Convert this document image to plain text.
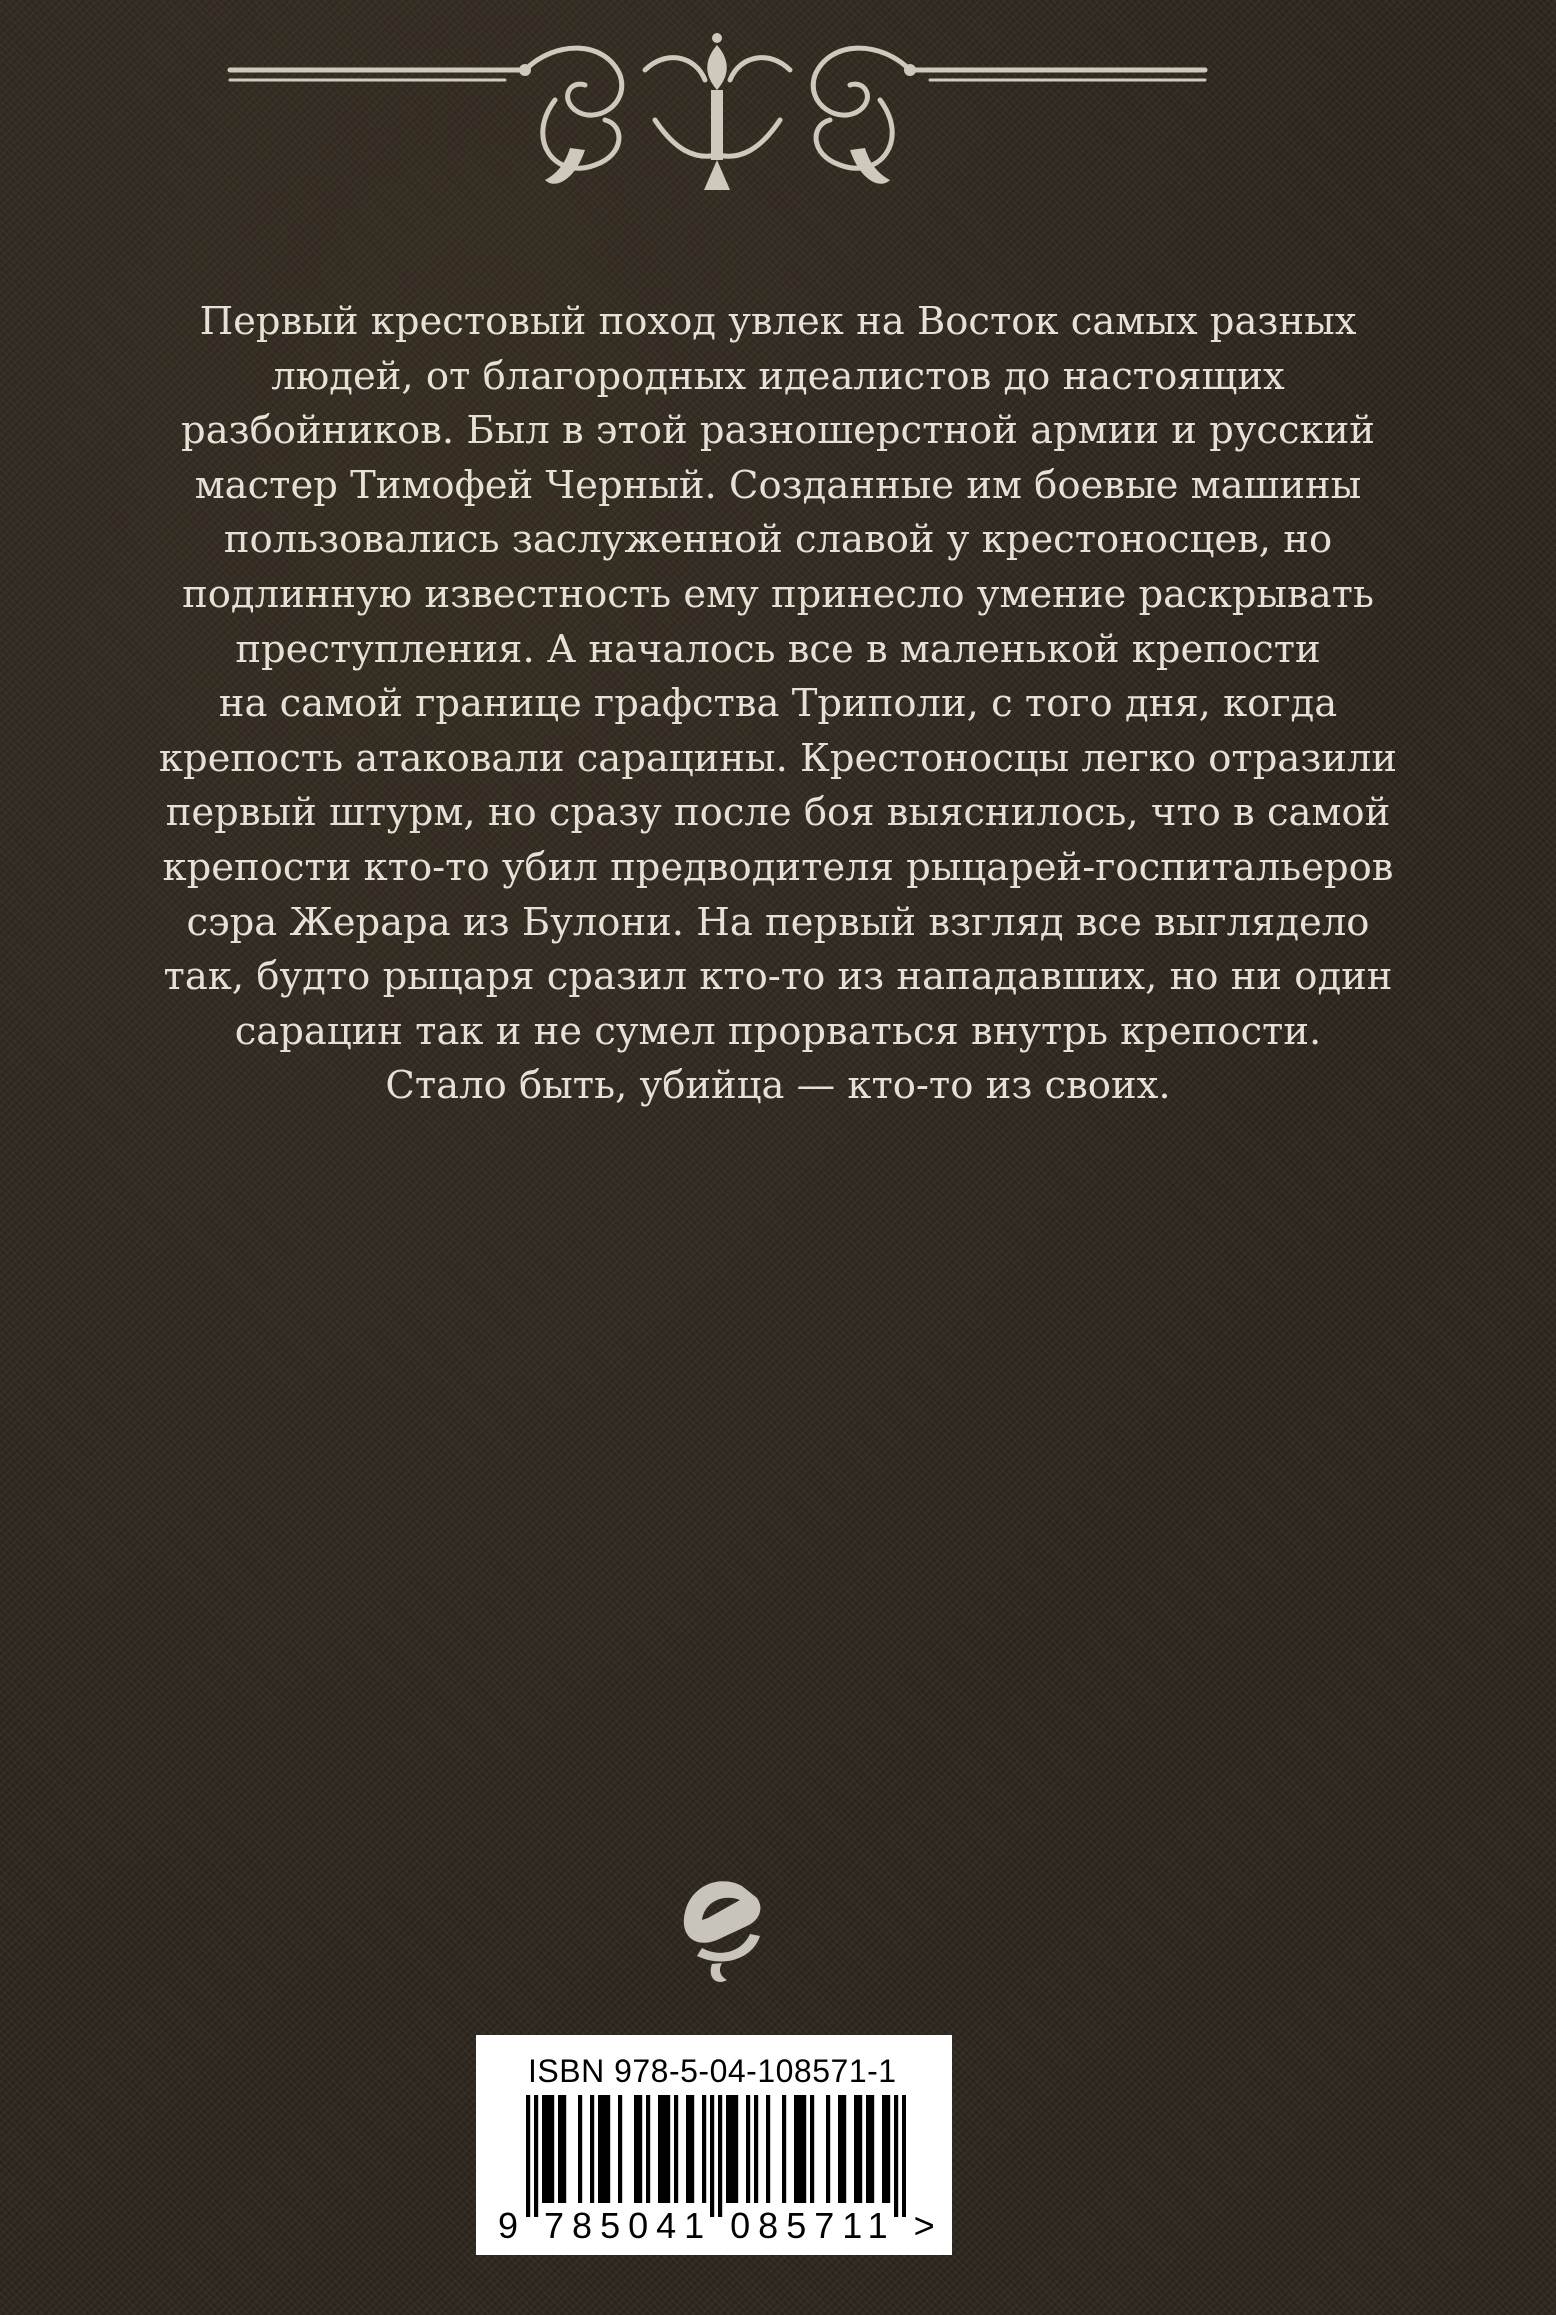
Первый крестовый поход увлек на Восток самых разных
людей, от благородных идеалистов до настоящих
разбойников. Был в этой разношерстной армии и русский
мастер Тимофей Черный. Созданные им боевые машины
пользовались заслуженной славой у крестоносцев, но
подлинную известность ему принесло умение раскрывать
преступления. А началось все в маленькой крепости
на самой границе графства Триполи, с того дня, когда
крепость атаковали сарацины. Крестоносцы легко отразили
первый штурм, но сразу после боя выяснилось, что в самой
крепости кто-то убил предводителя рыцарей-госпитальеров
сэра Жерара из Булони. На первый взгляд все выглядело
так, будто рыцаря сразил кто-то из нападавших, но ни один
сарацин так и не сумел прорваться внутрь крепости.
Стало быть, убийца — кто-то из своих.
ISBN 978-5-04-108571-1
9 785041 085711 >
